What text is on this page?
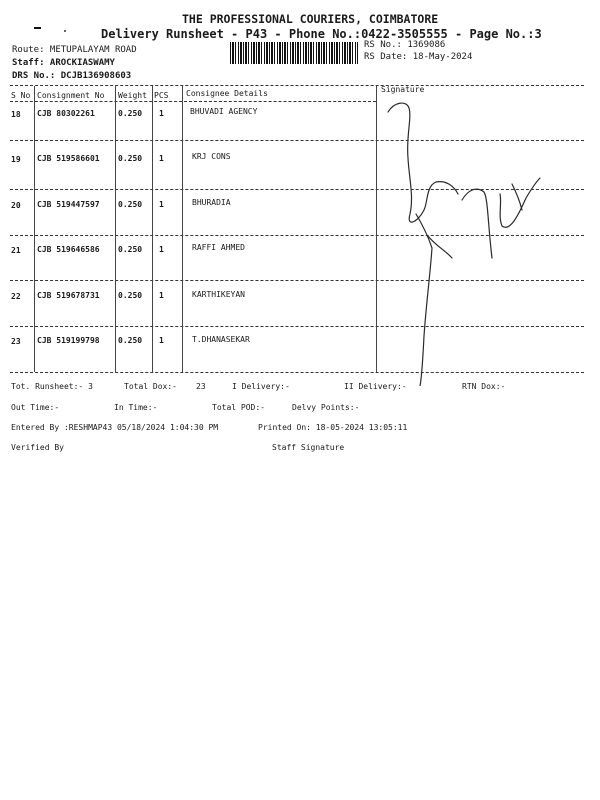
THE PROFESSIONAL COURIERS, COIMBATORE
Delivery Runsheet - P43 - Phone No.:0422-3505555 - Page No.:3
Route: METUPALAYAM ROAD
Staff: AROCKIASWAMY
DRS No.: DCJB136908603
RS No.: 1369086
RS Date: 18-May-2024
S No Consignment No Weight PCS Consignee Details	Signature
18 CJB 80302261	0.250 1	BHUVADI AGENCY
19 CJB 519586601 0.250 1	KRJ CONS
20 CJB 519447597 0.250 1	BHURADIA
21 CJB 519646586 0.250 1	RAFFI AHMED
22 CJB 519678731 0.250 1	KARTHIKEYAN
23 CJB 519199798 0.250 1	T.DHANASEKAR
Tot. Runsheet:- 3	Total Dox:- 23	I Delivery:-	II Delivery:-	RTN Dox:-
Out Time:-	In Time:-	Total POD:-	Delvy Points:-
Entered By :RESHMAP43 05/18/2024 1:04:30 PM	Printed On: 18-05-2024 13:05:11
Verified By	Staff Signature
